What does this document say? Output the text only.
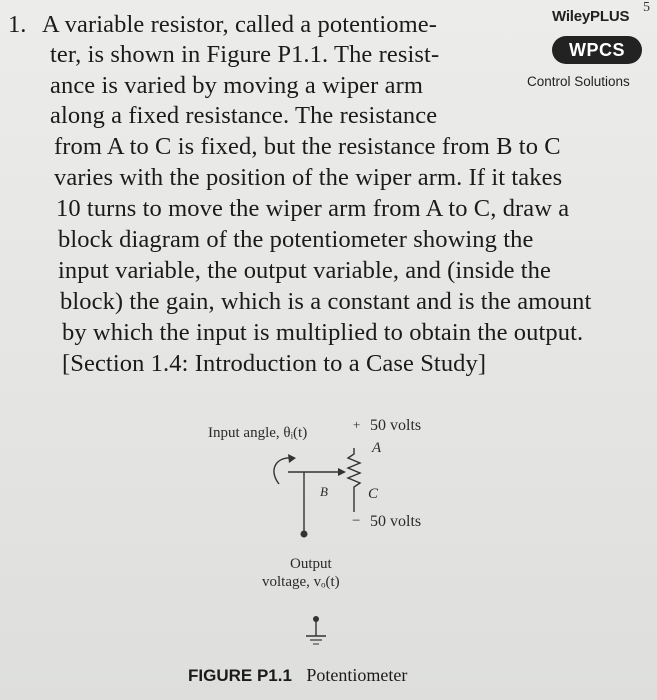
5
WileyPLUS
WPCS
Control Solutions
1. A variable resistor, called a potentiome-
ter, is shown in Figure P1.1. The resist-
ance is varied by moving a wiper arm
along a fixed resistance. The resistance
from A to C is fixed, but the resistance from B to C
varies with the position of the wiper arm. If it takes
10 turns to move the wiper arm from A to C, draw a
block diagram of the potentiometer showing the
input variable, the output variable, and (inside the
block) the gain, which is a constant and is the amount
by which the input is multiplied to obtain the output.
[Section 1.4: Introduction to a Case Study]
Input angle, θᵢ(t)
+ 50 volts
A
B	C
− 50 volts
Output
voltage, vₒ(t)
FIGURE P1.1 Potentiometer
